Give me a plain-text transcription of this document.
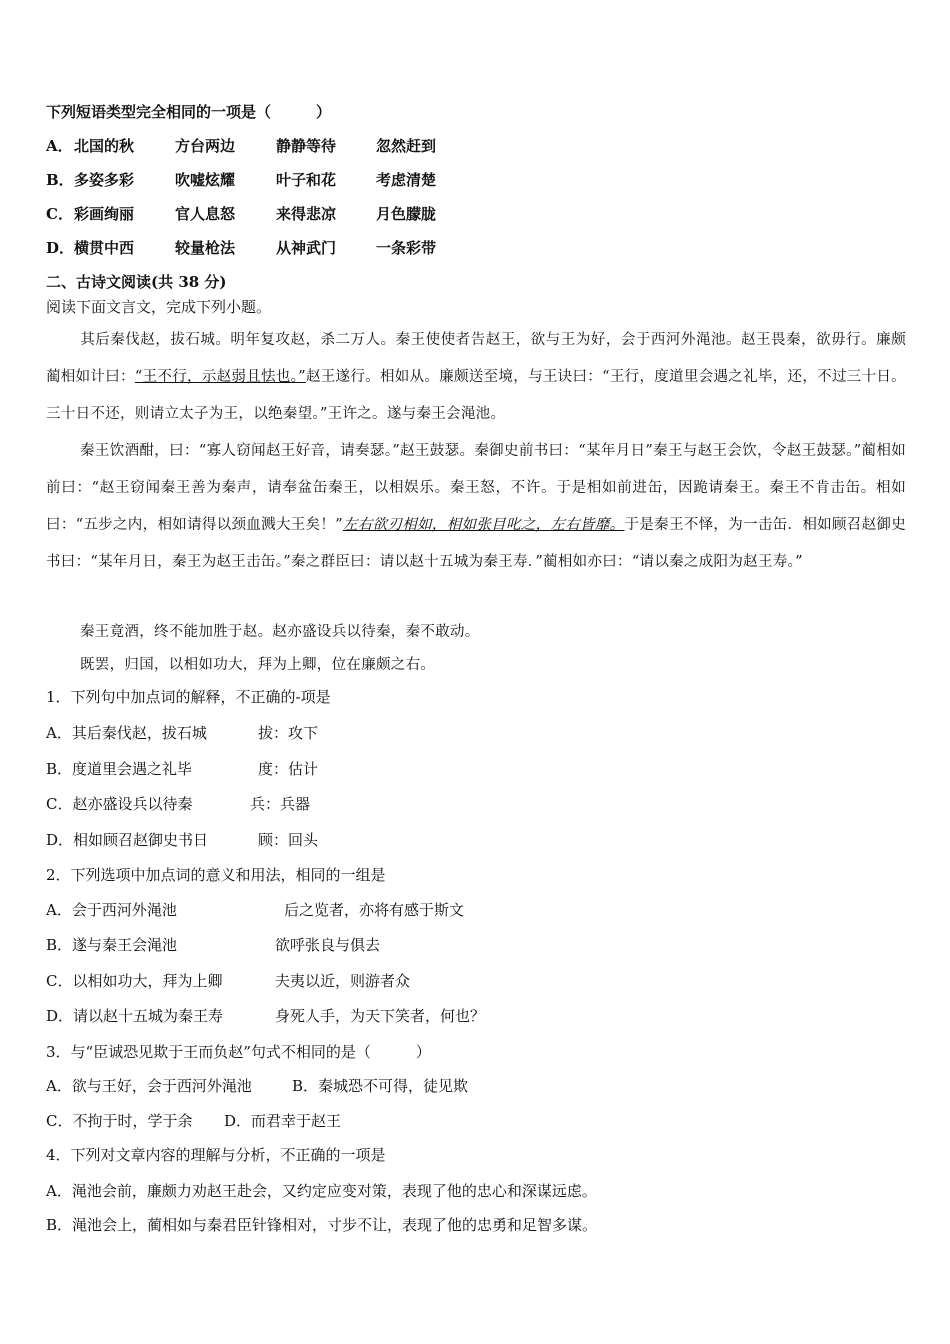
下列短语类型完全相同的一项是（　　　）
A． 北国的秋	方台两边	静静等待	忽然赶到
B． 多姿多彩	吹嘘炫耀	叶子和花	考虑清楚
C． 彩画绚丽	官人息怒	来得悲凉	月色朦胧
D． 横贯中西	较量枪法	从神武门	一条彩带
二、古诗文阅读(共 38 分)
阅读下面文言文，完成下列小题。
其后秦伐赵，拔石城。明年复攻赵，杀二万人。秦王使使者告赵王，欲与王为好，会于西河外渑池。赵王畏秦，欲毋行。廉颇蔺相如计曰：“王不行，示赵弱且怯也。”赵王遂行。相如从。廉颇送至境，与王诀曰：“王行，度道里会遇之礼毕，还，不过三十日。三十日不还，则请立太子为王，以绝秦望。”王许之。遂与秦王会渑池。
秦王饮酒酣，曰：“寡人窃闻赵王好音，请奏瑟。”赵王鼓瑟。秦御史前书曰：“某年月日”秦王与赵王会饮，令赵王鼓瑟。”蔺相如前曰：“赵王窃闻秦王善为秦声，请奉盆缶秦王，以相娱乐。秦王怒，不许。于是相如前进缶，因跪请秦王。秦王不肯击缶。相如曰：“五步之内，相如请得以颈血溅大王矣！”左右欲刃相如，相如张目叱之，左右皆靡。于是秦王不怿，为一击缶．相如顾召赵御史书曰：“某年月日，秦王为赵王击缶。”秦之群臣曰：请以赵十五城为秦王寿．”蔺相如亦曰：“请以秦之成阳为赵王寿。”
秦王竟酒，终不能加胜于赵。赵亦盛设兵以待秦，秦不敢动。
既罢，归国，以相如功大，拜为上卿，位在廉颇之右。
1．下列句中加点词的解释，不正确的-项是
A．其后秦伐赵，拔石城	拔：攻下
B．度道里会遇之礼毕	度：估计
C．赵亦盛设兵以待秦	兵：兵器
D．相如顾召赵御史书日	顾：回头
2．下列选项中加点词的意义和用法，相同的一组是
A．会于西河外渑池	后之览者，亦将有感于斯文
B．遂与秦王会渑池	欲呼张良与俱去
C．以相如功大，拜为上卿	夫夷以近，则游者众
D．请以赵十五城为秦王寿	身死人手，为天下笑者，何也？
3．与“臣诚恐见欺于王而负赵”句式不相同的是（　　　）
A．欲与王好，会于西河外渑池	B．秦城恐不可得，徒见欺
C．不拘于时，学于余 D．而君幸于赵王
4．下列对文章内容的理解与分析，不正确的一项是
A．渑池会前，廉颇力劝赵王赴会，又约定应变对策，表现了他的忠心和深谋远虑。
B．渑池会上，蔺相如与秦君臣针锋相对，寸步不让，表现了他的忠勇和足智多谋。
